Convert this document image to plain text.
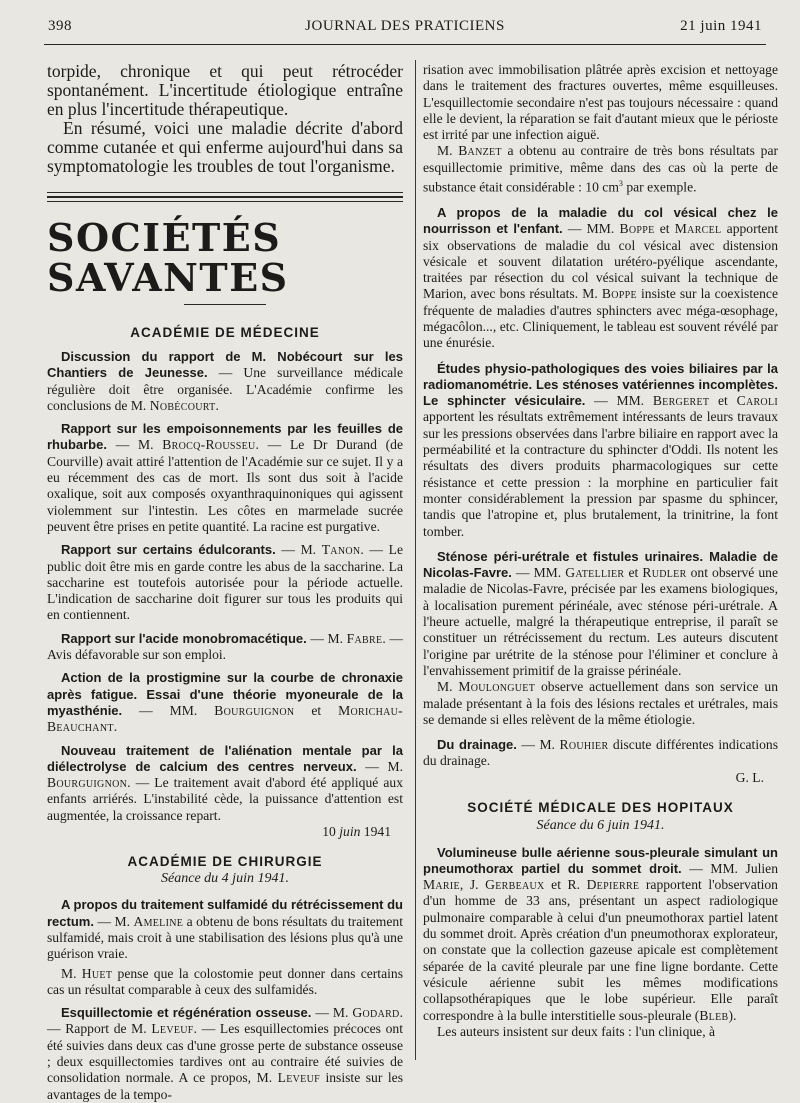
398	JOURNAL DES PRATICIENS	21 juin 1941

torpide, chronique et qui peut rétrocéder spontanément. L'incertitude étiologique entraîne en plus l'incertitude thérapeutique.

En résumé, voici une maladie décrite d'abord comme cutanée et qui enferme aujourd'hui dans sa symptomatologie les troubles de tout l'organisme.

SOCIÉTÉS SAVANTES
ACADÉMIE DE MÉDECINE

Discussion du rapport de M. Nobécourt sur les Chantiers de Jeunesse. — Une surveillance médicale régulière doit être organisée. L'Académie confirme les conclusions de M. Nobécourt.

Rapport sur les empoisonnements par les feuilles de rhubarbe. — M. Brocq-Rousseu. — Le Dr Durand (de Courville) avait attiré l'attention de l'Académie sur ce sujet. Il y a eu récemment des cas de mort. Ils sont dus soit à l'acide oxalique, soit aux composés oxyanthraquinoniques qui agissent violemment sur l'intestin. Les côtes en marmelade sucrée peuvent être prises en petite quantité. La racine est purgative.

Rapport sur certains édulcorants. — M. Tanon. — Le public doit être mis en garde contre les abus de la saccharine. La saccharine est toutefois autorisée pour la période actuelle. L'indication de saccharine doit figurer sur tous les produits qui en contiennent.

Rapport sur l'acide monobromacétique. — M. Fabre. — Avis défavorable sur son emploi.

Action de la prostigmine sur la courbe de chronaxie après fatigue. Essai d'une théorie myoneurale de la myasthénie. — MM. Bourguignon et Morichau-Beauchant.

Nouveau traitement de l'aliénation mentale par la diélectrolyse de calcium des centres nerveux. — M. Bourguignon. — Le traitement avait d'abord été appliqué aux enfants arriérés. L'instabilité cède, la puissance d'attention est augmentée, la croissance repart.

10 juin 1941

ACADÉMIE DE CHIRURGIE
Séance du 4 juin 1941.

A propos du traitement sulfamidé du rétrécissement du rectum. — M. Ameline a obtenu de bons résultats du traitement sulfamidé, mais croit à une stabilisation des lésions plus qu'à une guérison vraie.

M. Huet pense que la colostomie peut donner dans certains cas un résultat comparable à ceux des sulfamidés.

Esquillectomie et régénération osseuse. — M. Godard. — Rapport de M. Leveuf. — Les esquillectomies précoces ont été suivies dans deux cas d'une grosse perte de substance osseuse ; deux esquillectomies tardives ont au contraire été suivies de consolidation normale. A ce propos, M. Leveuf insiste sur les avantages de la tempo-

risation avec immobilisation plâtrée après excision et nettoyage dans le traitement des fractures ouvertes, même esquilleuses. L'esquillectomie secondaire n'est pas toujours nécessaire : quand elle le devient, la réparation se fait d'autant mieux que le périoste est irrité par une infection aiguë.

M. Banzet a obtenu au contraire de très bons résultats par esquillectomie primitive, même dans des cas où la perte de substance était considérable : 10 $cm^3$ par exemple.

A propos de la maladie du col vésical chez le nourrisson et l'enfant. — MM. Boppe et Marcel apportent six observations de maladie du col vésical avec distension vésicale et souvent dilatation urétéro-pyélique ascendante, traitées par résection du col vésical suivant la technique de Marion, avec bons résultats. M. Boppe insiste sur la coexistence fréquente de maladies d'autres sphincters avec méga-œsophage, mégacôlon..., etc. Cliniquement, le tableau est souvent révélé par une énurésie.

Études physio-pathologiques des voies biliaires par la radiomanométrie. Les sténoses vatériennes incomplètes. Le sphincter vésiculaire. — MM. Bergeret et Caroli apportent les résultats extrêmement intéressants de leurs travaux sur les pressions observées dans l'arbre biliaire en rapport avec la perméabilité et la contracture du sphincter d'Oddi. Ils notent les résultats des divers produits pharmacologiques sur cette résistance et cette pression : la morphine en particulier fait monter considérablement la pression par spasme du sphincer, tandis que l'atropine et, plus brutalement, la trinitrine, la font tomber.

Sténose péri-urétrale et fistules urinaires. Maladie de Nicolas-Favre. — MM. Gatellier et Rudler ont observé une maladie de Nicolas-Favre, précisée par les examens biologiques, à localisation purement périnéale, avec sténose péri-urétrale. A l'heure actuelle, malgré la thérapeutique entreprise, il paraît se constituer un rétrécissement du rectum. Les auteurs discutent l'origine par urétrite de la sténose pour l'éliminer et conclure à l'envahissement primitif de la graisse périnéale.

M. Moulonguet observe actuellement dans son service un malade présentant à la fois des lésions rectales et urétrales, mais se demande si elles relèvent de la même étiologie.

Du drainage. — M. Rouhier discute différentes indications du drainage.

G. L.

SOCIÉTÉ MÉDICALE DES HOPITAUX
Séance du 6 juin 1941.

Volumineuse bulle aérienne sous-pleurale simulant un pneumothorax partiel du sommet droit. — MM. Julien Marie, J. Gerbeaux et R. Depierre rapportent l'observation d'un homme de 33 ans, présentant un aspect radiologique pulmonaire comparable à celui d'un pneumothorax partiel latent du sommet droit. Après création d'un pneumothorax explorateur, on constate que la collection gazeuse apicale est complètement séparée de la cavité pleurale par une fine ligne bordante. Cette vésicule aérienne subit les mêmes modifications collapsothérapiques que le lobe supérieur. Elle paraît correspondre à la bulle interstitielle sous-pleurale (Bleb).

Les auteurs insistent sur deux faits : l'un clinique, à
